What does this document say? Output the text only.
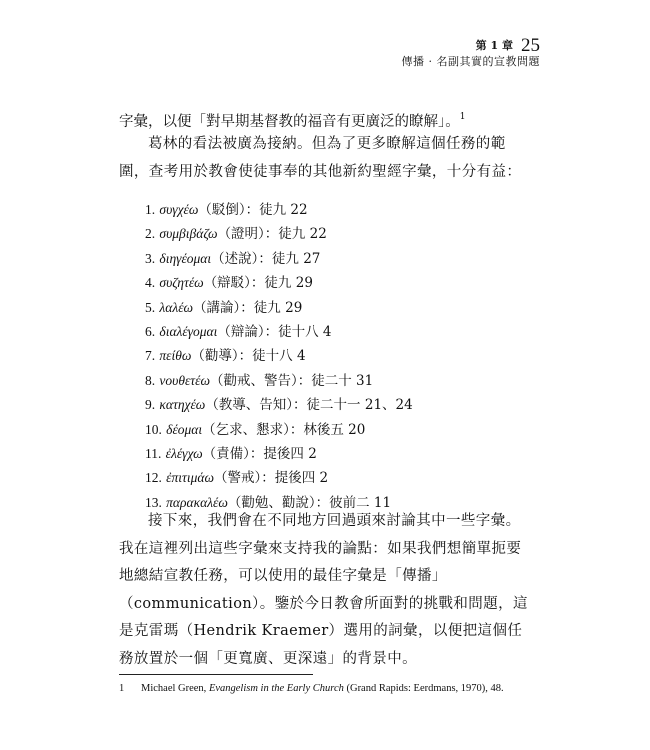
第 1 章 25
傳播 · 名副其實的宣教問題
字彙，以便「對早期基督教的福音有更廣泛的瞭解」。$^1$
葛林的看法被廣為接納。但為了更多瞭解這個任務的範圍，查考用於教會使徒事奉的其他新約聖經字彙，十分有益：
1. συγχέω（駁倒）：徒九 22
2. συμβιβάζω（證明）：徒九 22
3. διηγέομαι（述說）：徒九 27
4. συζητέω（辯駁）：徒九 29
5. λαλέω（講論）：徒九 29
6. διαλέγομαι（辯論）：徒十八 4
7. πείθω（勸導）：徒十八 4
8. νουθετέω（勸戒、警告）：徒二十 31
9. κατηχέω（教導、告知）：徒二十一 21、24
10. δέομαι（乞求、懇求）：林後五 20
11. ἐλέγχω（責備）：提後四 2
12. ἐπιτιμάω（警戒）：提後四 2
13. παρακαλέω（勸勉、勸說）：彼前二 11
接下來，我們會在不同地方回過頭來討論其中一些字彙。我在這裡列出這些字彙來支持我的論點：如果我們想簡單扼要地總結宣教任務，可以使用的最佳字彙是「傳播」（communication）。鑒於今日教會所面對的挑戰和問題，這是克雷瑪（Hendrik Kraemer）選用的詞彙，以便把這個任務放置於一個「更寬廣、更深遠」的背景中。
1 Michael Green, Evangelism in the Early Church (Grand Rapids: Eerdmans, 1970), 48.
